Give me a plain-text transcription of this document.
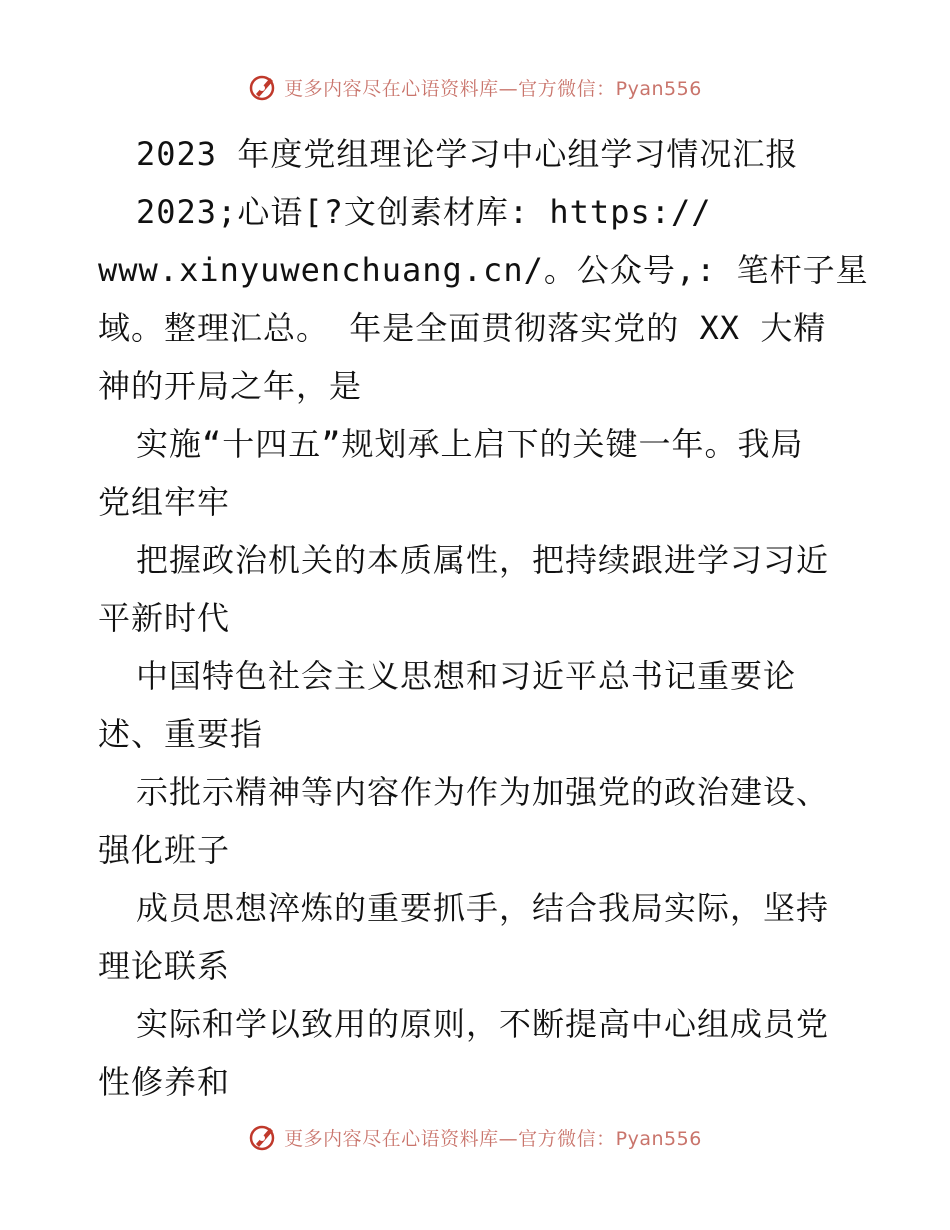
更多内容尽在心语资料库—官方微信：Pyan556
2023 年度党组理论学习中心组学习情况汇报
2023;心语[?文创素材库: https://
www.xinyuwenchuang.cn/。公众号,: 笔杆子星
域。整理汇总。 年是全面贯彻落实党的 XX 大精
神的开局之年，是
实施“十四五”规划承上启下的关键一年。我局
党组牢牢
把握政治机关的本质属性，把持续跟进学习习近
平新时代
中国特色社会主义思想和习近平总书记重要论
述、重要指
示批示精神等内容作为作为加强党的政治建设、
强化班子
成员思想淬炼的重要抓手，结合我局实际，坚持
理论联系
实际和学以致用的原则，不断提高中心组成员党
性修养和
更多内容尽在心语资料库—官方微信：Pyan556
